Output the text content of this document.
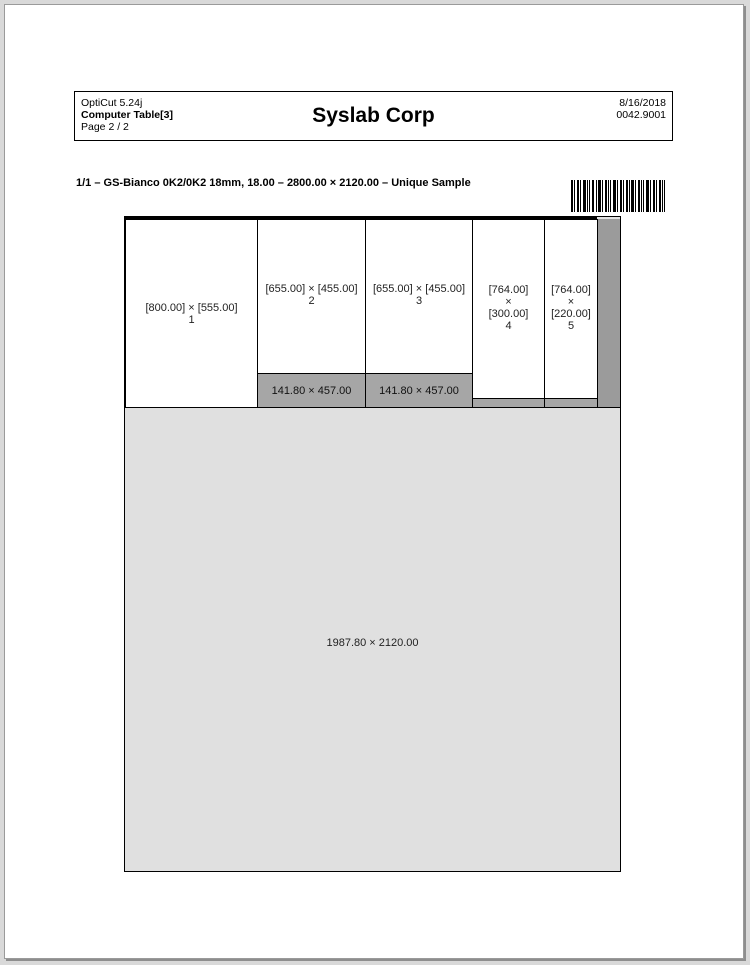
OptiCut 5.24j
Computer Table[3]
Page 2 / 2	Syslab Corp
8/16/2018
0042.9001
1/1 – GS-Bianco 0K2/0K2 18mm, 18.00 – 2800.00 × 2120.00 – Unique Sample
[800.00] × [555.00]
1
[655.00] × [455.00]
2
141.80 × 457.00
[655.00] × [455.00]
3
141.80 × 457.00
[764.00]
×
[300.00]
4
[764.00]
×
[220.00]
5
1987.80 × 2120.00
